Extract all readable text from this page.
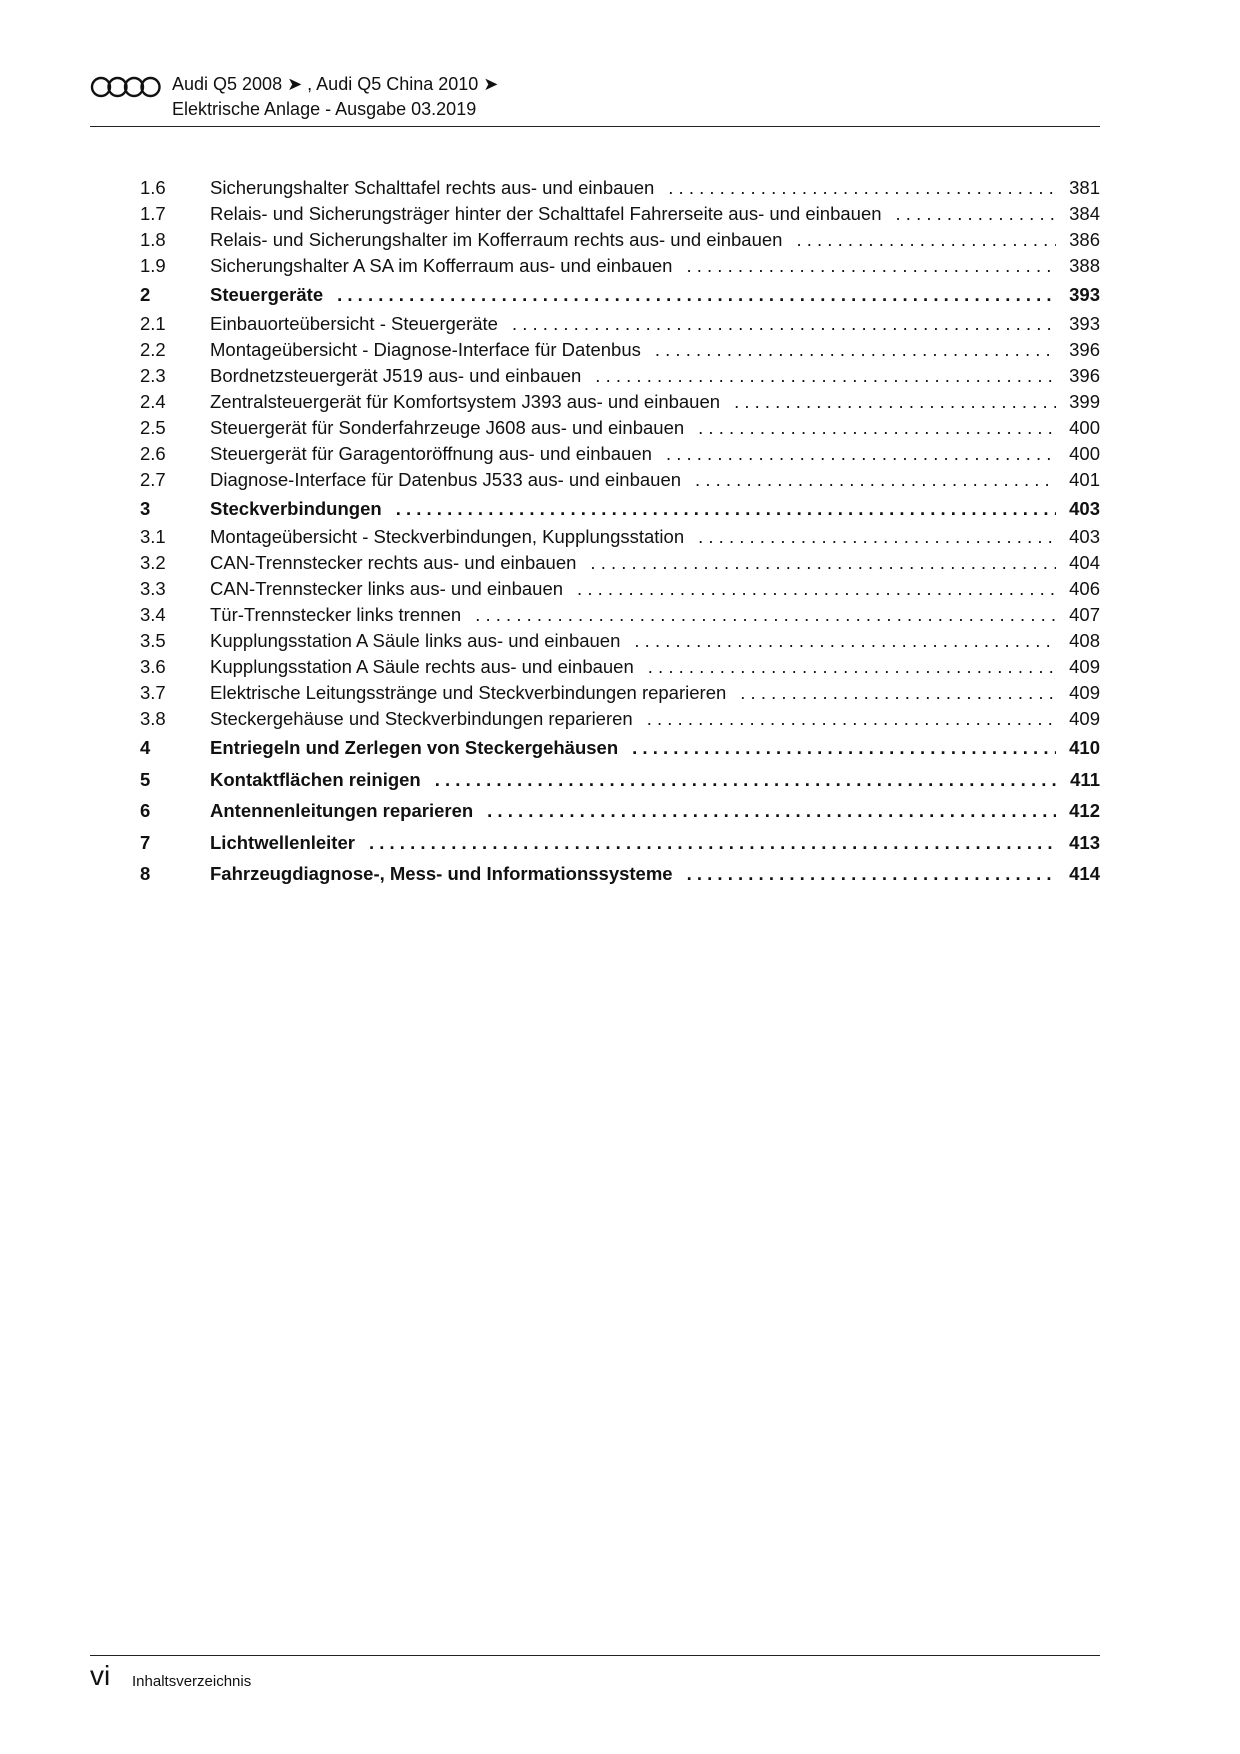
Audi Q5 2008 ➤ , Audi Q5 China 2010 ➤
Elektrische Anlage - Ausgabe 03.2019
1.6	Sicherungshalter Schalttafel rechts aus- und einbauen . . .	381
1.7	Relais- und Sicherungsträger hinter der Schalttafel Fahrerseite aus- und einbauen . . .	384
1.8	Relais- und Sicherungshalter im Kofferraum rechts aus- und einbauen . . .	386
1.9	Sicherungshalter A SA im Kofferraum aus- und einbauen . . .	388
2	Steuergeräte . . .	393
2.1	Einbauorteübersicht - Steuergeräte . . .	393
2.2	Montageübersicht - Diagnose-Interface für Datenbus . . .	396
2.3	Bordnetzsteuergerät J519 aus- und einbauen . . .	396
2.4	Zentralsteuergerät für Komfortsystem J393 aus- und einbauen . . .	399
2.5	Steuergerät für Sonderfahrzeuge J608 aus- und einbauen . . .	400
2.6	Steuergerät für Garagentoröffnung aus- und einbauen . . .	400
2.7	Diagnose-Interface für Datenbus J533 aus- und einbauen . . .	401
3	Steckverbindungen . . .	403
3.1	Montageübersicht - Steckverbindungen, Kupplungsstation . . .	403
3.2	CAN-Trennstecker rechts aus- und einbauen . . .	404
3.3	CAN-Trennstecker links aus- und einbauen . . .	406
3.4	Tür-Trennstecker links trennen . . .	407
3.5	Kupplungsstation A Säule links aus- und einbauen . . .	408
3.6	Kupplungsstation A Säule rechts aus- und einbauen . . .	409
3.7	Elektrische Leitungsstränge und Steckverbindungen reparieren . . .	409
3.8	Steckergehäuse und Steckverbindungen reparieren . . .	409
4	Entriegeln und Zerlegen von Steckergehäusen . . .	410
5	Kontaktflächen reinigen . . .	411
6	Antennenleitungen reparieren . . .	412
7	Lichtwellenleiter . . .	413
8	Fahrzeugdiagnose-, Mess- und Informationssysteme . . .	414
vi Inhaltsverzeichnis
